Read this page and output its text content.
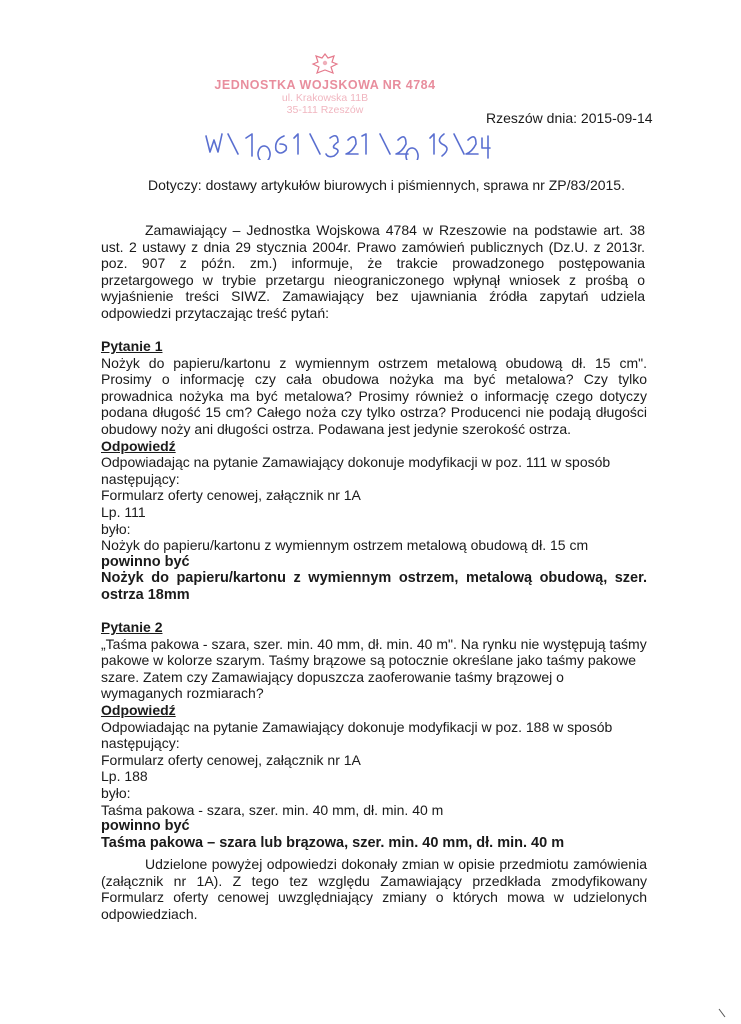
JEDNOSTKA WOJSKOWA NR 4784
ul. Krakowska 11B
35-111 Rzeszów	Rzeszów dnia: 2015-09-14
Dotyczy: dostawy artykułów biurowych i piśmiennych, sprawa nr ZP/83/2015.
Zamawiający – Jednostka Wojskowa 4784 w Rzeszowie na podstawie art. 38 ust. 2 ustawy z dnia 29 stycznia 2004r. Prawo zamówień publicznych (Dz.U. z 2013r. poz. 907 z późn. zm.) informuje, że trakcie prowadzonego postępowania przetargowego w trybie przetargu nieograniczonego wpłynął wniosek z prośbą o wyjaśnienie treści SIWZ. Zamawiający bez ujawniania źródła zapytań udziela odpowiedzi przytaczając treść pytań:
Pytanie 1
Nożyk do papieru/kartonu z wymiennym ostrzem metalową obudową dł. 15 cm". Prosimy o informację czy cała obudowa nożyka ma być metalowa? Czy tylko prowadnica nożyka ma być metalowa? Prosimy również o informację czego dotyczy podana długość 15 cm? Całego noża czy tylko ostrza? Producenci nie podają długości obudowy noży ani długości ostrza. Podawana jest jedynie szerokość ostrza.
Odpowiedź
Odpowiadając na pytanie Zamawiający dokonuje modyfikacji w poz. 111 w sposób następujący:
Formularz oferty cenowej, załącznik nr 1A
Lp. 111
było:
Nożyk do papieru/kartonu z wymiennym ostrzem metalową obudową dł. 15 cm
powinno być
Nożyk do papieru/kartonu z wymiennym ostrzem, metalową obudową, szer. ostrza 18mm
Pytanie 2
„Taśma pakowa - szara, szer. min. 40 mm, dł. min. 40 m". Na rynku nie występują taśmy pakowe w kolorze szarym. Taśmy brązowe są potocznie określane jako taśmy pakowe szare. Zatem czy Zamawiający dopuszcza zaoferowanie taśmy brązowej o wymaganych rozmiarach?
Odpowiedź
Odpowiadając na pytanie Zamawiający dokonuje modyfikacji w poz. 188 w sposób następujący:
Formularz oferty cenowej, załącznik nr 1A
Lp. 188
było:
Taśma pakowa - szara, szer. min. 40 mm, dł. min. 40 m
powinno być
Taśma pakowa – szara lub brązowa, szer. min. 40 mm, dł. min. 40 m
Udzielone powyżej odpowiedzi dokonały zmian w opisie przedmiotu zamówienia (załącznik nr 1A). Z tego tez względu Zamawiający przedkłada zmodyfikowany Formularz oferty cenowej uwzględniający zmiany o których mowa w udzielonych odpowiedziach.
